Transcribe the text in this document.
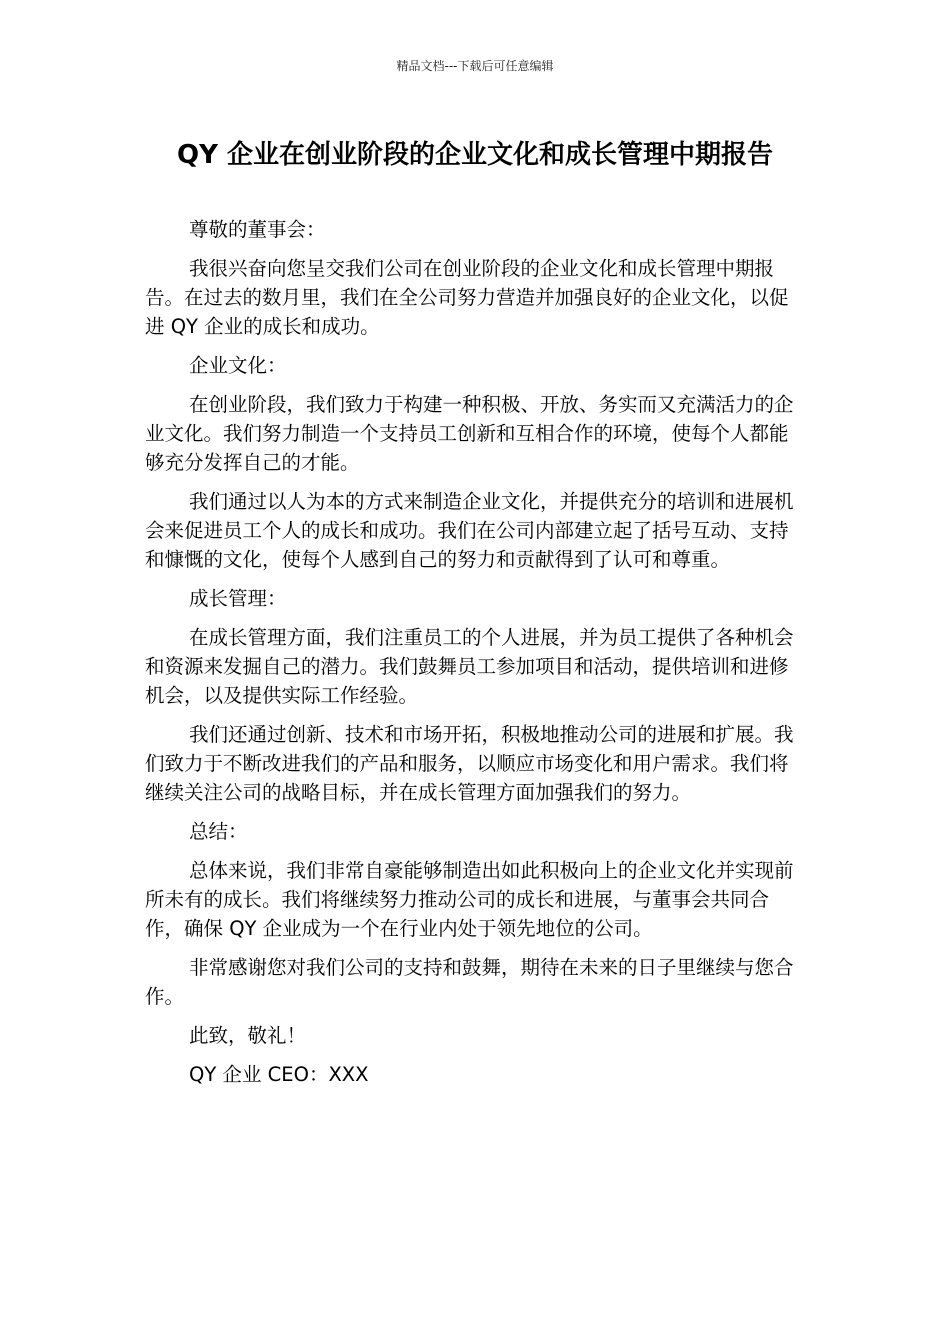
精品文档---下载后可任意编辑
QY 企业在创业阶段的企业文化和成长管理中期报告

尊敬的董事会：

我很兴奋向您呈交我们公司在创业阶段的企业文化和成长管理中期报告。在过去的数月里，我们在全公司努力营造并加强良好的企业文化，以促进 QY 企业的成长和成功。

企业文化：

在创业阶段，我们致力于构建一种积极、开放、务实而又充满活力的企业文化。我们努力制造一个支持员工创新和互相合作的环境，使每个人都能够充分发挥自己的才能。

我们通过以人为本的方式来制造企业文化，并提供充分的培训和进展机会来促进员工个人的成长和成功。我们在公司内部建立起了括号互动、支持和慷慨的文化，使每个人感到自己的努力和贡献得到了认可和尊重。

成长管理：

在成长管理方面，我们注重员工的个人进展，并为员工提供了各种机会和资源来发掘自己的潜力。我们鼓舞员工参加项目和活动，提供培训和进修机会，以及提供实际工作经验。

我们还通过创新、技术和市场开拓，积极地推动公司的进展和扩展。我们致力于不断改进我们的产品和服务，以顺应市场变化和用户需求。我们将继续关注公司的战略目标，并在成长管理方面加强我们的努力。

总结：

总体来说，我们非常自豪能够制造出如此积极向上的企业文化并实现前所未有的成长。我们将继续努力推动公司的成长和进展，与董事会共同合作，确保 QY 企业成为一个在行业内处于领先地位的公司。

非常感谢您对我们公司的支持和鼓舞，期待在未来的日子里继续与您合作。

此致，敬礼！

QY 企业 CEO：XXX
